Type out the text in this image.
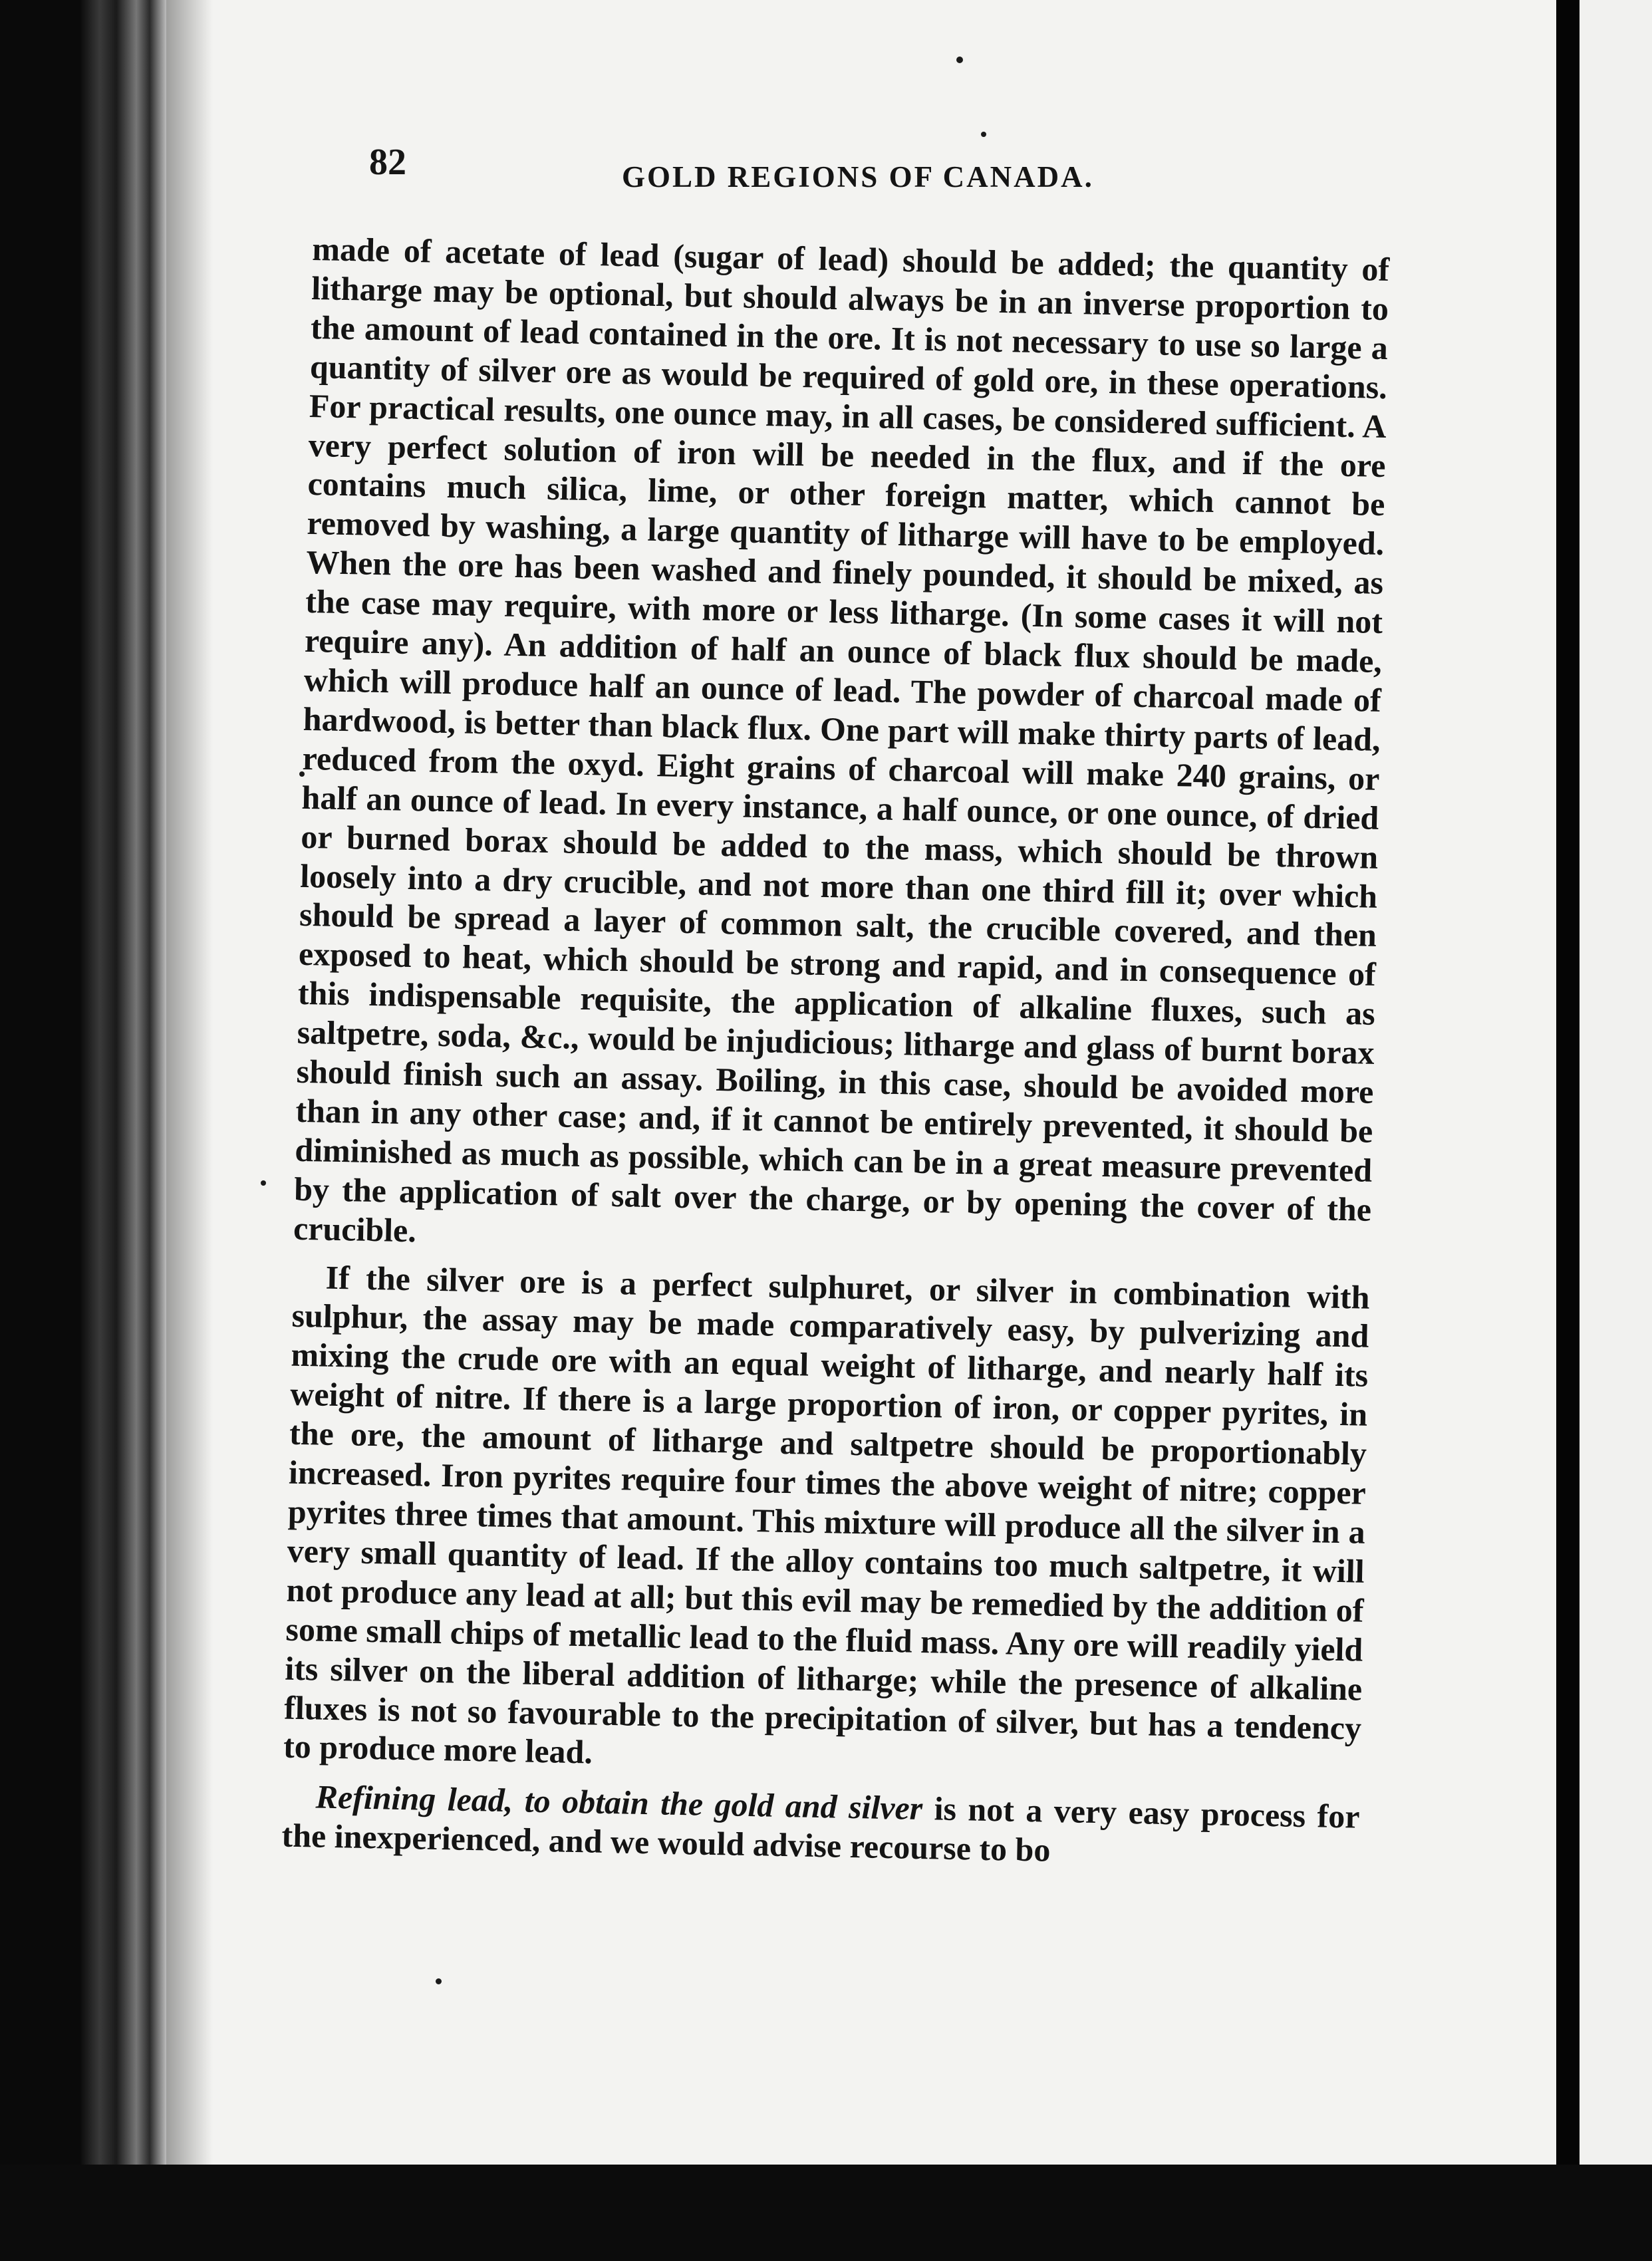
82	GOLD REGIONS OF CANADA.

made of acetate of lead (sugar of lead) should be added; the quantity of litharge may be optional, but should always be in an inverse proportion to the amount of lead contained in the ore. It is not necessary to use so large a quantity of silver ore as would be required of gold ore, in these operations. For practical results, one ounce may, in all cases, be considered sufficient. A very perfect solution of iron will be needed in the flux, and if the ore contains much silica, lime, or other foreign matter, which cannot be removed by washing, a large quantity of litharge will have to be employed. When the ore has been washed and finely pounded, it should be mixed, as the case may require, with more or less litharge. (In some cases it will not require any). An addition of half an ounce of black flux should be made, which will produce half an ounce of lead. The powder of charcoal made of hardwood, is better than black flux. One part will make thirty parts of lead, reduced from the oxyd. Eight grains of charcoal will make 240 grains, or half an ounce of lead. In every instance, a half ounce, or one ounce, of dried or burned borax should be added to the mass, which should be thrown loosely into a dry crucible, and not more than one third fill it; over which should be spread a layer of common salt, the crucible covered, and then exposed to heat, which should be strong and rapid, and in consequence of this indispensable requisite, the application of alkaline fluxes, such as saltpetre, soda, &c., would be injudicious; litharge and glass of burnt borax should finish such an assay. Boiling, in this case, should be avoided more than in any other case; and, if it cannot be entirely prevented, it should be diminished as much as possible, which can be in a great measure prevented by the application of salt over the charge, or by opening the cover of the crucible.

If the silver ore is a perfect sulphuret, or silver in combination with sulphur, the assay may be made comparatively easy, by pulverizing and mixing the crude ore with an equal weight of litharge, and nearly half its weight of nitre. If there is a large proportion of iron, or copper pyrites, in the ore, the amount of litharge and saltpetre should be proportionably increased. Iron pyrites require four times the above weight of nitre; copper pyrites three times that amount. This mixture will produce all the silver in a very small quantity of lead. If the alloy contains too much saltpetre, it will not produce any lead at all; but this evil may be remedied by the addition of some small chips of metallic lead to the fluid mass. Any ore will readily yield its silver on the liberal addition of litharge; while the presence of alkaline fluxes is not so favourable to the precipitation of silver, but has a tendency to produce more lead.

Refining lead, to obtain the gold and silver is not a very easy process for the inexperienced, and we would advise recourse to bo
